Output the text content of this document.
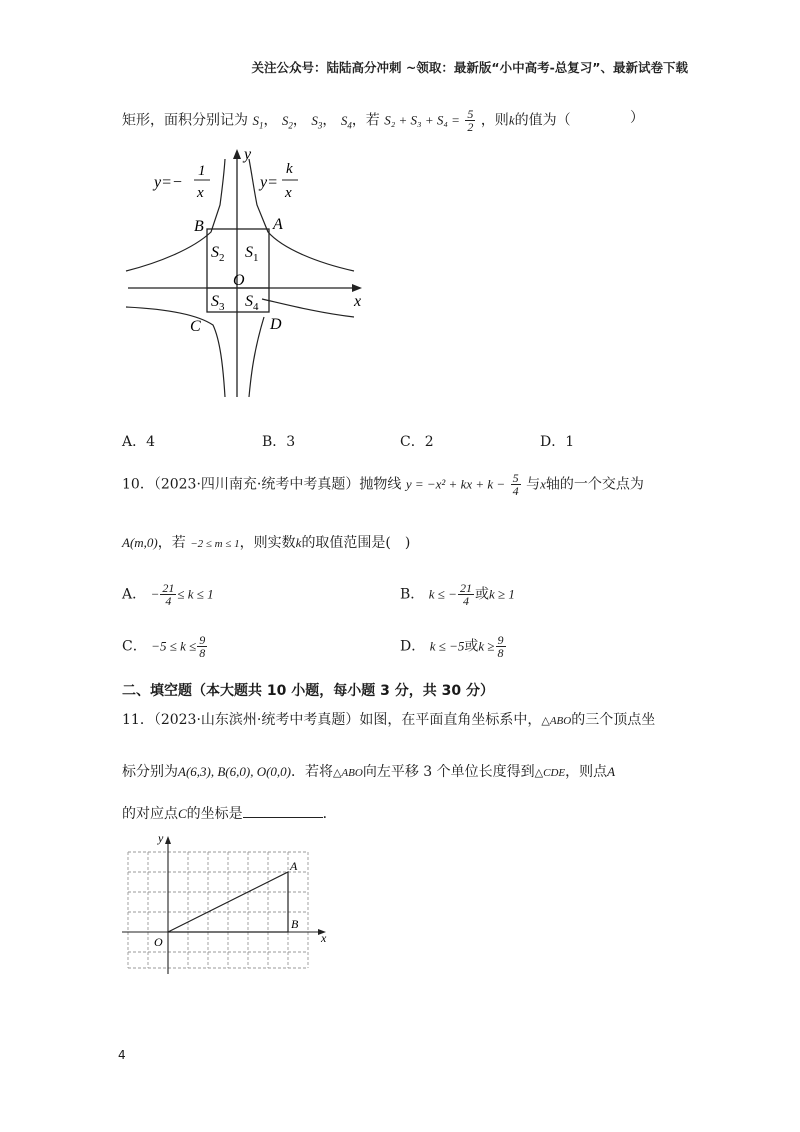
关注公众号：陆陆高分冲刺 ~领取：最新版“小中高考-总复习”、最新试卷下载
矩形，面积分别记为 $S_1$， $S_2$， $S_3$， $S_4$，若 $S_2 + S_3 + S_4 = \frac{5}{2}$ ，则k的值为（	）
y=−
1
x
y=
k
x
y
x
O
A
B
C	D
$S_1$
$S_2$
$S_3$ $S_4$
A．4	B．3	C．2	D．1
10．（2023·四川南充·统考中考真题）抛物线 y = −x² + kx + $k - \frac{5}{4}$ 与x轴的一个交点为
A(m,0)，若 −2 ≤ m ≤ 1，则实数k的取值范围是(　)
A． − $\frac{21}{4} \le k \le 1$	B． k ≤ − $\frac{21}{4}$ 或k ≥ 1
C． $-5 \le k \le \frac{9}{8}$	D． k ≤ −5或$k \ge \frac{9}{8}$
二、填空题（本大题共 10 小题，每小题 3 分，共 30 分）
11．（2023·山东滨州·统考中考真题）如图，在平面直角坐标系中，△ABO的三个顶点坐
标分别为A(6,3), B(6,0), O(0,0)．若将△ABO向左平移 3 个单位长度得到△CDE，则点A
的对应点C的坐标是	．
y
x
O
A
B
4
